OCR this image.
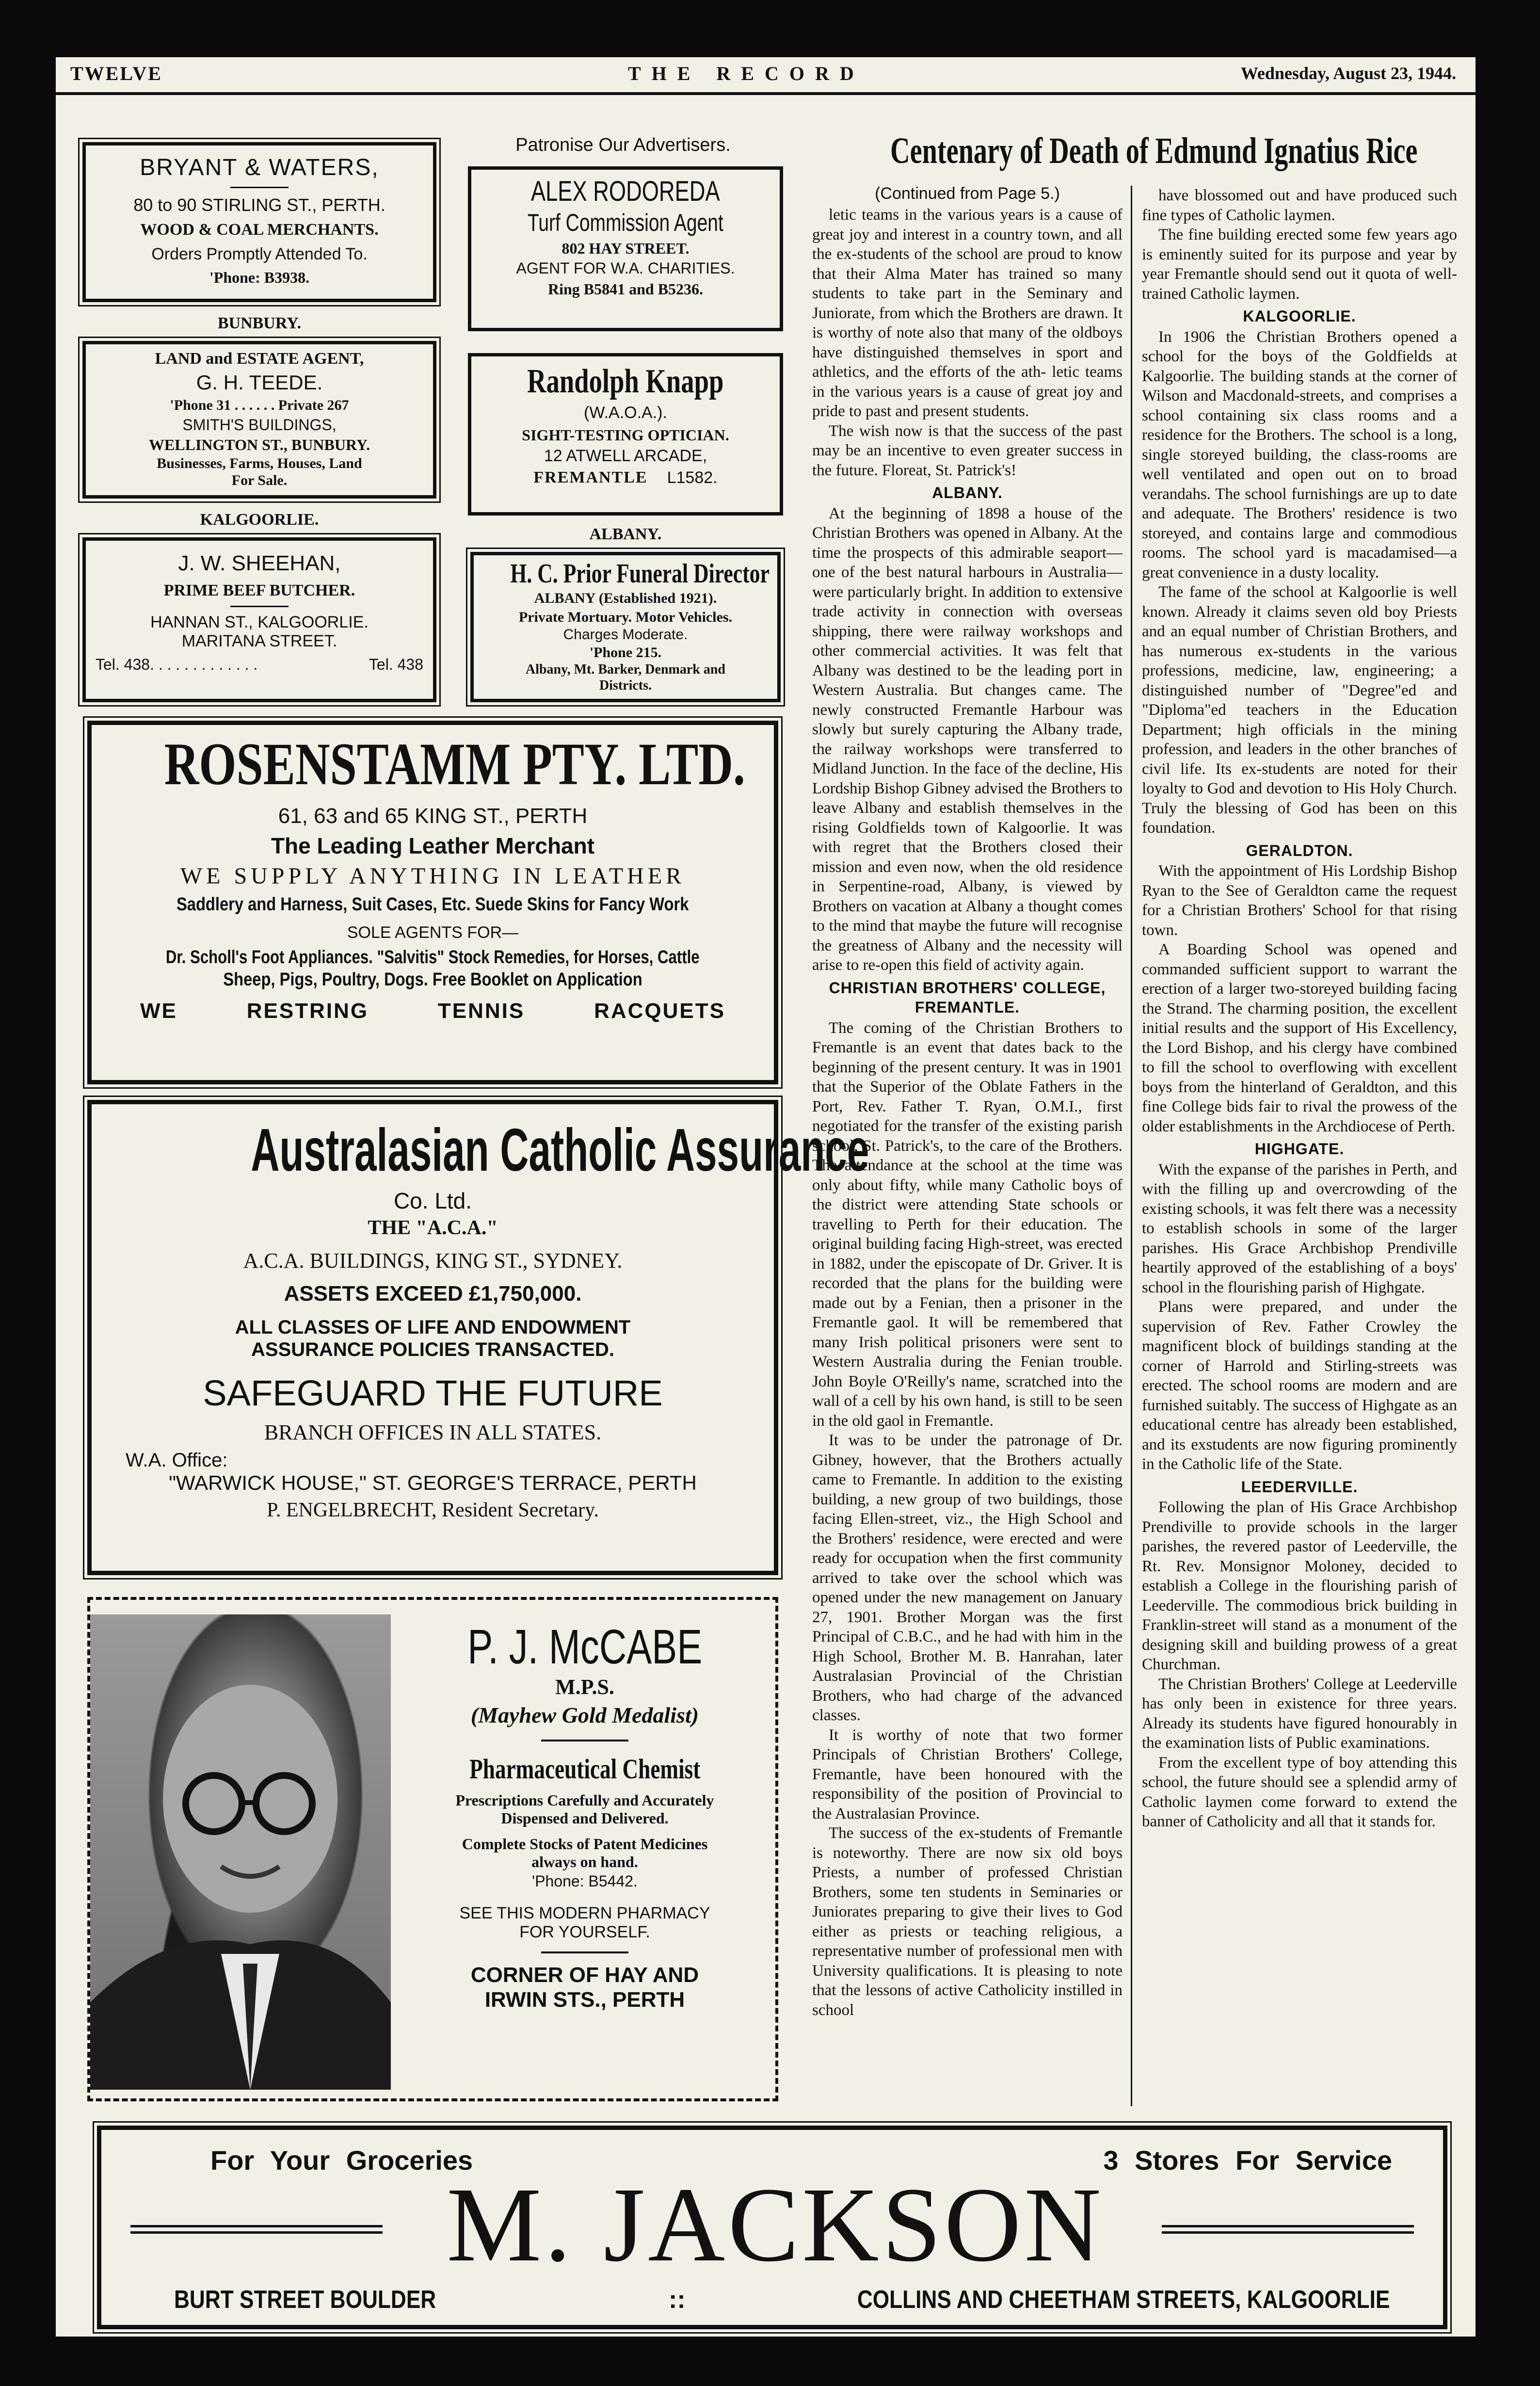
TWELVE	THE RECORD	Wednesday, August 23, 1944.
BRYANT & WATERS,
80 to 90 STIRLING ST., PERTH.
WOOD & COAL MERCHANTS.
Orders Promptly Attended To.
'Phone: B3938.
BUNBURY.
LAND and ESTATE AGENT,
G. H. TEEDE.
'Phone 31 . . . . . . Private 267
SMITH'S BUILDINGS,
WELLINGTON ST., BUNBURY.
Businesses, Farms, Houses, Land
For Sale.
KALGOORLIE.
J. W. SHEEHAN,
PRIME BEEF BUTCHER.
HANNAN ST., KALGOORLIE.
MARITANA STREET.
Tel. 438. . . . . . . . . . . . .	Tel. 438
Patronise Our Advertisers.
ALEX RODOREDA
Turf Commission Agent
802 HAY STREET.
AGENT FOR W.A. CHARITIES.
Ring B5841 and B5236.
Randolph Knapp
(W.A.O.A.).
SIGHT-TESTING OPTICIAN.
12 ATWELL ARCADE,
FREMANTLE L1582.
ALBANY.
H. C. Prior Funeral Director
ALBANY (Established 1921).
Private Mortuary. Motor Vehicles.
Charges Moderate.
'Phone 215.
Albany, Mt. Barker, Denmark and
Districts.
ROSENSTAMM PTY. LTD.
61, 63 and 65 KING ST., PERTH
The Leading Leather Merchant
WE SUPPLY ANYTHING IN LEATHER
Saddlery and Harness, Suit Cases, Etc. Suede Skins for Fancy Work
SOLE AGENTS FOR—
Dr. Scholl's Foot Appliances. "Salvitis" Stock Remedies, for Horses, Cattle
Sheep, Pigs, Poultry, Dogs. Free Booklet on Application
WE	RESTRING	TENNIS	RACQUETS
Australasian Catholic Assurance
Co. Ltd.
THE "A.C.A."
A.C.A. BUILDINGS, KING ST., SYDNEY.
ASSETS EXCEED £1,750,000.
ALL CLASSES OF LIFE AND ENDOWMENT
ASSURANCE POLICIES TRANSACTED.
SAFEGUARD THE FUTURE
BRANCH OFFICES IN ALL STATES.
W.A. Office:
"WARWICK HOUSE," ST. GEORGE'S TERRACE, PERTH
P. ENGELBRECHT, Resident Secretary.
P. J. McCABE
M.P.S.
(Mayhew Gold Medalist)
Pharmaceutical Chemist
Prescriptions Carefully and Accurately
Dispensed and Delivered.
Complete Stocks of Patent Medicines
always on hand.
'Phone: B5442.
SEE THIS MODERN PHARMACY
FOR YOURSELF.
CORNER OF HAY AND
IRWIN STS., PERTH
Centenary of Death of Edmund Ignatius Rice
(Continued from Page 5.)

letic teams in the various years is a cause of great joy and interest in a country town, and all the ex-students of the school are proud to know that their Alma Mater has trained so many students to take part in the Seminary and Juniorate, from which the Brothers are drawn. It is worthy of note also that many of the oldboys have distinguished themselves in sport and athletics, and the efforts of the ath- letic teams in the various years is a cause of great joy and pride to past and present students.

The wish now is that the success of the past may be an incentive to even greater success in the future. Floreat, St. Patrick's!

ALBANY.

At the beginning of 1898 a house of the Christian Brothers was opened in Albany. At the time the prospects of this admirable seaport—one of the best natural harbours in Australia—were particularly bright. In addition to extensive trade activity in connection with overseas shipping, there were railway workshops and other commercial activities. It was felt that Albany was destined to be the leading port in Western Australia. But changes came. The newly constructed Fremantle Harbour was slowly but surely capturing the Albany trade, the railway workshops were transferred to Midland Junction. In the face of the decline, His Lordship Bishop Gibney advised the Brothers to leave Albany and establish themselves in the rising Goldfields town of Kalgoorlie. It was with regret that the Brothers closed their mission and even now, when the old residence in Serpentine-road, Albany, is viewed by Brothers on vacation at Albany a thought comes to the mind that maybe the future will recognise the greatness of Albany and the necessity will arise to re-open this field of activity again.

CHRISTIAN BROTHERS' COLLEGE, FREMANTLE.

The coming of the Christian Brothers to Fremantle is an event that dates back to the beginning of the present century. It was in 1901 that the Superior of the Oblate Fathers in the Port, Rev. Father T. Ryan, O.M.I., first negotiated for the transfer of the existing parish school, St. Patrick's, to the care of the Brothers. The attendance at the school at the time was only about fifty, while many Catholic boys of the district were attending State schools or travelling to Perth for their education. The original building facing High-street, was erected in 1882, under the episcopate of Dr. Griver. It is recorded that the plans for the building were made out by a Fenian, then a prisoner in the Fremantle gaol. It will be remembered that many Irish political prisoners were sent to Western Australia during the Fenian trouble. John Boyle O'Reilly's name, scratched into the wall of a cell by his own hand, is still to be seen in the old gaol in Fremantle.

It was to be under the patronage of Dr. Gibney, however, that the Brothers actually came to Fremantle. In addition to the existing building, a new group of two buildings, those facing Ellen-street, viz., the High School and the Brothers' residence, were erected and were ready for occupation when the first community arrived to take over the school which was opened under the new management on January 27, 1901. Brother Morgan was the first Principal of C.B.C., and he had with him in the High School, Brother M. B. Hanrahan, later Australasian Provincial of the Christian Brothers, who had charge of the advanced classes.

It is worthy of note that two former Principals of Christian Brothers' College, Fremantle, have been honoured with the responsibility of the position of Provincial to the Australasian Province.

The success of the ex-students of Fremantle is noteworthy. There are now six old boys Priests, a number of professed Christian Brothers, some ten students in Seminaries or Juniorates preparing to give their lives to God either as priests or teaching religious, a representative number of professional men with University qualifications. It is pleasing to note that the lessons of active Catholicity instilled in school

have blossomed out and have produced such fine types of Catholic laymen.

The fine building erected some few years ago is eminently suited for its purpose and year by year Fremantle should send out it quota of well-trained Catholic laymen.

KALGOORLIE.

In 1906 the Christian Brothers opened a school for the boys of the Goldfields at Kalgoorlie. The building stands at the corner of Wilson and Macdonald-streets, and comprises a school containing six class rooms and a residence for the Brothers. The school is a long, single storeyed building, the class-rooms are well ventilated and open out on to broad verandahs. The school furnishings are up to date and adequate. The Brothers' residence is two storeyed, and contains large and commodious rooms. The school yard is macadamised—a great convenience in a dusty locality.

The fame of the school at Kalgoorlie is well known. Already it claims seven old boy Priests and an equal number of Christian Brothers, and has numerous ex-students in the various professions, medicine, law, engineering; a distinguished number of "Degree"ed and "Diploma"ed teachers in the Education Department; high officials in the mining profession, and leaders in the other branches of civil life. Its ex-students are noted for their loyalty to God and devotion to His Holy Church. Truly the blessing of God has been on this foundation.

GERALDTON.

With the appointment of His Lordship Bishop Ryan to the See of Geraldton came the request for a Christian Brothers' School for that rising town.

A Boarding School was opened and commanded sufficient support to warrant the erection of a larger two-storeyed building facing the Strand. The charming position, the excellent initial results and the support of His Excellency, the Lord Bishop, and his clergy have combined to fill the school to overflowing with excellent boys from the hinterland of Geraldton, and this fine College bids fair to rival the prowess of the older establishments in the Archdiocese of Perth.

HIGHGATE.

With the expanse of the parishes in Perth, and with the filling up and overcrowding of the existing schools, it was felt there was a necessity to establish schools in some of the larger parishes. His Grace Archbishop Prendiville heartily approved of the establishing of a boys' school in the flourishing parish of Highgate.

Plans were prepared, and under the supervision of Rev. Father Crowley the magnificent block of buildings standing at the corner of Harrold and Stirling-streets was erected. The school rooms are modern and are furnished suitably. The success of Highgate as an educational centre has already been established, and its exstudents are now figuring prominently in the Catholic life of the State.

LEEDERVILLE.

Following the plan of His Grace Archbishop Prendiville to provide schools in the larger parishes, the revered pastor of Leederville, the Rt. Rev. Monsignor Moloney, decided to establish a College in the flourishing parish of Leederville. The commodious brick building in Franklin-street will stand as a monument of the designing skill and building prowess of a great Churchman.

The Christian Brothers' College at Leederville has only been in existence for three years. Already its students have figured honourably in the examination lists of Public examinations.

From the excellent type of boy attending this school, the future should see a splendid army of Catholic laymen come forward to extend the banner of Catholicity and all that it stands for.

For Your Groceries	3 Stores For Service
M. JACKSON
BURT STREET BOULDER	::	COLLINS AND CHEETHAM STREETS, KALGOORLIE
